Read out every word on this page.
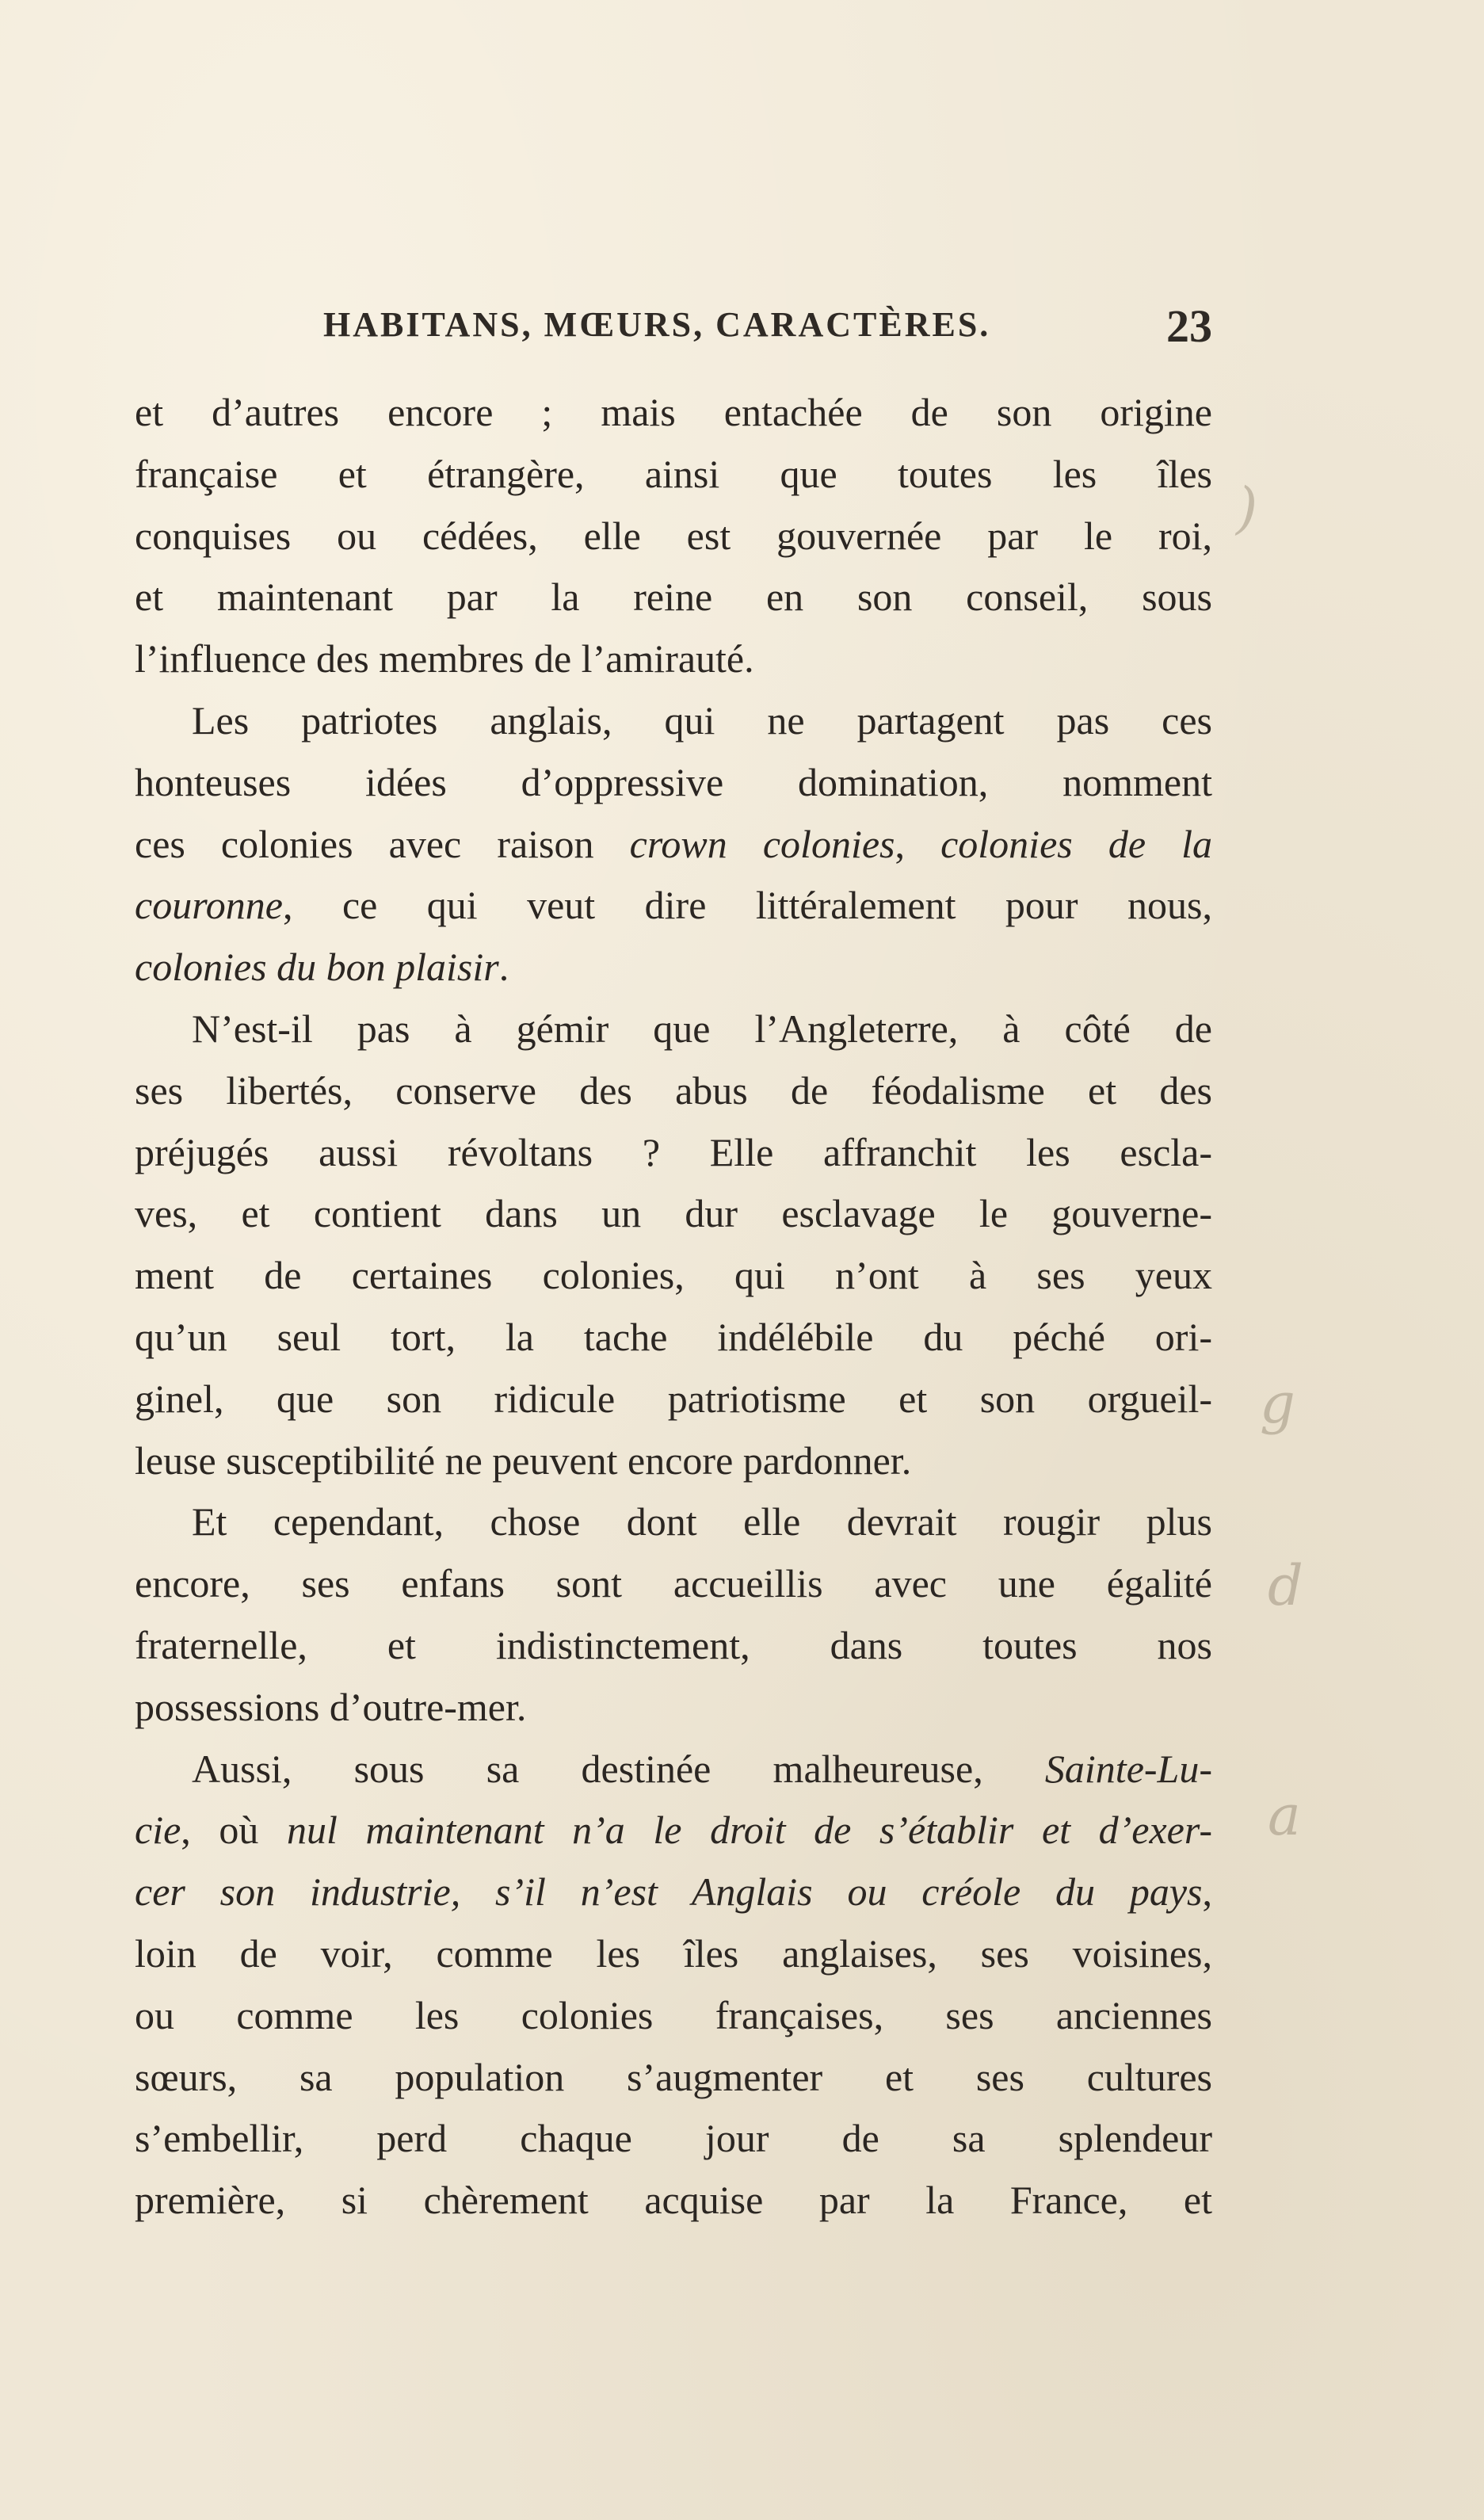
HABITANS, MŒURS, CARACTÈRES.	23
et d’autres encore ; mais entachée de son origine
française et étrangère, ainsi que toutes les îles
conquises ou cédées, elle est gouvernée par le roi,
et maintenant par la reine en son conseil, sous
l’influence des membres de l’amirauté.
Les patriotes anglais, qui ne partagent pas ces
honteuses idées d’oppressive domination, nomment
ces colonies avec raison crown colonies, colonies de la
couronne, ce qui veut dire littéralement pour nous,
colonies du bon plaisir.
N’est-il pas à gémir que l’Angleterre, à côté de
ses libertés, conserve des abus de féodalisme et des
préjugés aussi révoltans ? Elle affranchit les escla-
ves, et contient dans un dur esclavage le gouverne-
ment de certaines colonies, qui n’ont à ses yeux
qu’un seul tort, la tache indélébile du péché ori-
ginel, que son ridicule patriotisme et son orgueil-
leuse susceptibilité ne peuvent encore pardonner.
Et cependant, chose dont elle devrait rougir plus
encore, ses enfans sont accueillis avec une égalité
fraternelle, et indistinctement, dans toutes nos
possessions d’outre-mer.
Aussi, sous sa destinée malheureuse, Sainte-Lu-
cie, où nul maintenant n’a le droit de s’établir et d’exer-
cer son industrie, s’il n’est Anglais ou créole du pays,
loin de voir, comme les îles anglaises, ses voisines,
ou comme les colonies françaises, ses anciennes
sœurs, sa population s’augmenter et ses cultures
s’embellir, perd chaque jour de sa splendeur
première, si chèrement acquise par la France, et
)
g
d
a
